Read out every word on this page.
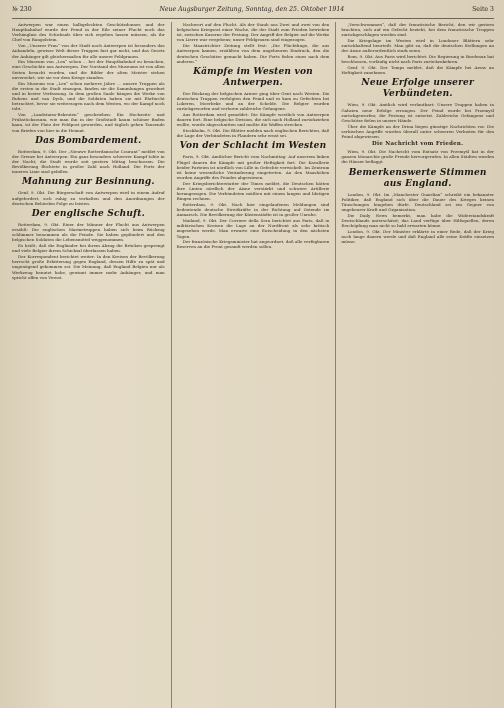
№ 230	Neue Augsburger Zeitung, Sonntag, den 25. Oktober 1914	Seite 3

Antwerpen war einen halbgeleckten Geschützdonner, und der Hauptbahnhof wurde der Feind in der Eile seiner Flucht noch das Verhänglnis des Schicksals über sich ergehen lassen müssen, als ihr Chef von Rangolstein.

Von „Unserer Frau“ von der Stadt noch Antwerpen ist besonders das Anhandeln, gewisse Welt dieser Truppen fast gar nicht, und das Gesetz der Anhänger gilt gleichermaßen für alle unsere Feldgrauen.

Ein Museum von „Lex“ schon ... bei der Hauptbahnhof zu besuchen, eine Geschichte aus Antwerpen. Der Vorstand des Museums ist von allen Seiten besucht worden, und die Bilder der alten Meister stehen unversehrt, wie sie vor dem Kriege standen.

Ein Museum von „Lex“ schon mehrere Jahre ... unsere Truppen als die ersten in die Stadt einzogen, fanden sie die Sammlungen geordnet und in bester Verfassung. In dem großen Saale hängen die Werke von Rubens und van Dyck, und die Soldaten haben sie mit Ehrfurcht betrachtet, bevor sie weiterzogen nach dem Westen, wo der Kampf noch tobt.

Von „Landsturm-Rekruten“ geschrieben: Ein Hochzeits- und Frühstücksraum, wie man ihn in der Großstadt kaum schöner finden kann, ist der Platz der Feldpost geworden, und täglich gehen Tausende von Briefen von hier in die Heimat.

Das Bombardement.

Rotterdam, 9. Okt. Der „Nieuwe Rotterdamsche Courant“ meldet von der Grenze bei Antwerpen: Ein ganz besonders schwerer Kampf tobte in der Nacht; die Stadt wurde seit gestern Mittag beschossen. Die Bevölkerung flüchtete in großer Zahl nach Holland. Die Forts der inneren Linie sind gefallen.

Mahnung zur Besinnung.

Genf, 9. Okt. Die Bürgerschaft von Antwerpen wird in einem Aufruf aufgefordert, sich ruhig zu verhalten und den Anordnungen der deutschen Behörden Folge zu leisten.

Der englische Schuft.

Rotterdam, 9. Okt. Einer der Männer der Flucht aus Antwerpen erzählt: Die englischen Marinetruppen haben sich beim Rückzug schlimmer benommen als die Feinde. Sie haben geplündert und den belgischen Soldaten die Lebensmittel weggenommen.

Es heißt, daß die Engländer bei ihrem Abzug die Brücken gesprengt und viele Belgier ihrem Schicksal überlassen haben.

Der Korrespondent berichtet weiter: In den Kreisen der Bevölkerung herrscht große Erbitterung gegen England, dessen Hilfe zu spät und ungenügend gekommen sei. Die Meinung, daß England Belgien nur als Werkzeug benutzt habe, gewinnt immer mehr Anhänger, und man spricht offen von Verrat.

Nachwort auf den Flucht. Als der Staub aus Zwei und zwei von den belgischen Kriegsrat einer Wache, die der Stadt zum Frieden betrieben ist, zwischen Kaserne der Festung. Der Angriff der Belgier auf die Werke von Lierre war vergebens; unser Feldgrauen sind eingezogen.

Die Maastrichter Zeitung stellt fest: „Die Flüchtlinge, die aus Antwerpen kamen, erzählten von dem ungeheuren Eindruck, den die deutschen Geschütze gemacht haben. Die Forts fielen eines nach dem anderen.“

Kämpfe im Westen von Antwerpen.

Der Rückzug der belgischen Armee ging über Gent nach Westen. Die deutschen Truppen verfolgten den Feind und es kam zu Gefechten bei Lokeren, Moerbeke und an der Schelde. Die Belgier wurden zurückgeworfen und verloren zahlreiche Gefangene.

Aus Rotterdam wird gemeldet: Die Kämpfe westlich von Antwerpen dauern fort. Eine belgische Division, die sich nach Holland zurückziehen wollte, wurde abgeschnitten und mußte die Waffen strecken.

Stockholm, 9. Okt. Die Blätter melden nach englischen Berichten, daß die Lage der Verbündeten in Flandern sehr ernst sei.

Von der Schlacht im Westen

Paris, 9. Okt. Amtlicher Bericht vom Nachmittag: Auf unserem linken Flügel dauern die Kämpfe mit großer Heftigkeit fort. Die Kavallerie beider Parteien ist nördlich von Lille in Gefechte verwickelt. Im Zentrum ist keine wesentliche Veränderung eingetreten. An den Maashöhen wurden Angriffe des Feindes abgewiesen.

Der Kriegsberichterstatter der Times meldet, die Deutschen hätten ihre Linien nördlich der Aisne verstärkt und schwere Artillerie herangezogen. Die Verbündeten müßten mit einem langen und blutigen Ringen rechnen.

Rotterdam, 9. Okt. Nach hier eingelaufenen Meldungen sind bedeutende deutsche Streitkräfte in der Richtung auf Ostende im Anmarsch. Die Bevölkerung der Küstenstädte ist in großer Unruhe.

Mailand, 9. Okt. Der Corriere della Sera berichtet aus Paris, daß in militärischen Kreisen die Lage an der Nordfront als sehr kritisch angesehen werde. Man erwarte eine Entscheidung in den nächsten Tagen.

Der französische Kriegsminister hat angeordnet, daß alle verfügbaren Reserven an die Front gesandt werden sollen.

„Verschwommen“, daß der französische Bericht, den wir gestern brachten, sich auf ein Gefecht bezieht, bei dem französische Truppen zurückgeschlagen worden sind.

Die Kriegslage im Westen wird in Londoner Blättern sehr zurückhaltend beurteilt. Man gibt zu, daß die deutschen Stellungen an der Aisne außerordentlich stark seien.

Rom, 9. Okt. Aus Paris wird berichtet: Die Regierung in Bordeaux hat beschlossen, vorläufig nicht nach Paris zurückzukehren.

Genf, 9. Okt. Der Temps meldet, daß die Kämpfe bei Arras an Heftigkeit zunehmen.

Neue Erfolge unserer Verbündeten.

Wien, 9. Okt. Amtlich wird verlautbart: Unsere Truppen haben in Galizien neue Erfolge errungen. Der Feind wurde bei Przemyśl zurückgeworfen; die Festung ist entsetzt. Zahlreiche Gefangene und Geschütze fielen in unsere Hände.

Über die Kämpfe an der Drina liegen günstige Nachrichten vor. Die serbischen Angriffe wurden überall unter schweren Verlusten für den Feind abgewiesen.

Die Nachricht vom Frieden.

Wien, 9. Okt. Die Nachricht vom Entsatz von Przemyśl hat in der ganzen Monarchie große Freude hervorgerufen. In allen Städten wurden die Häuser beflaggt.

Bemerkenswerte Stimmen aus England.

London, 9. Okt. Im „Manchester Guardian“ schreibt ein bekannter Politiker, daß England sich über die Dauer des Krieges keinen Täuschungen hingeben dürfe. Deutschland sei ein Gegner von ungeheurer Kraft und Organisation.

Die Daily News bemerkt, man habe die Widerstandskraft Deutschlands unterschätzt; das Land verfüge über Hilfsquellen, deren Erschöpfung man nicht so bald erwarten könne.

London, 9. Okt. Der Minister erklärte in einer Rede, daß der Krieg noch lange dauern werde und daß England alle seine Kräfte einsetzen müsse.
